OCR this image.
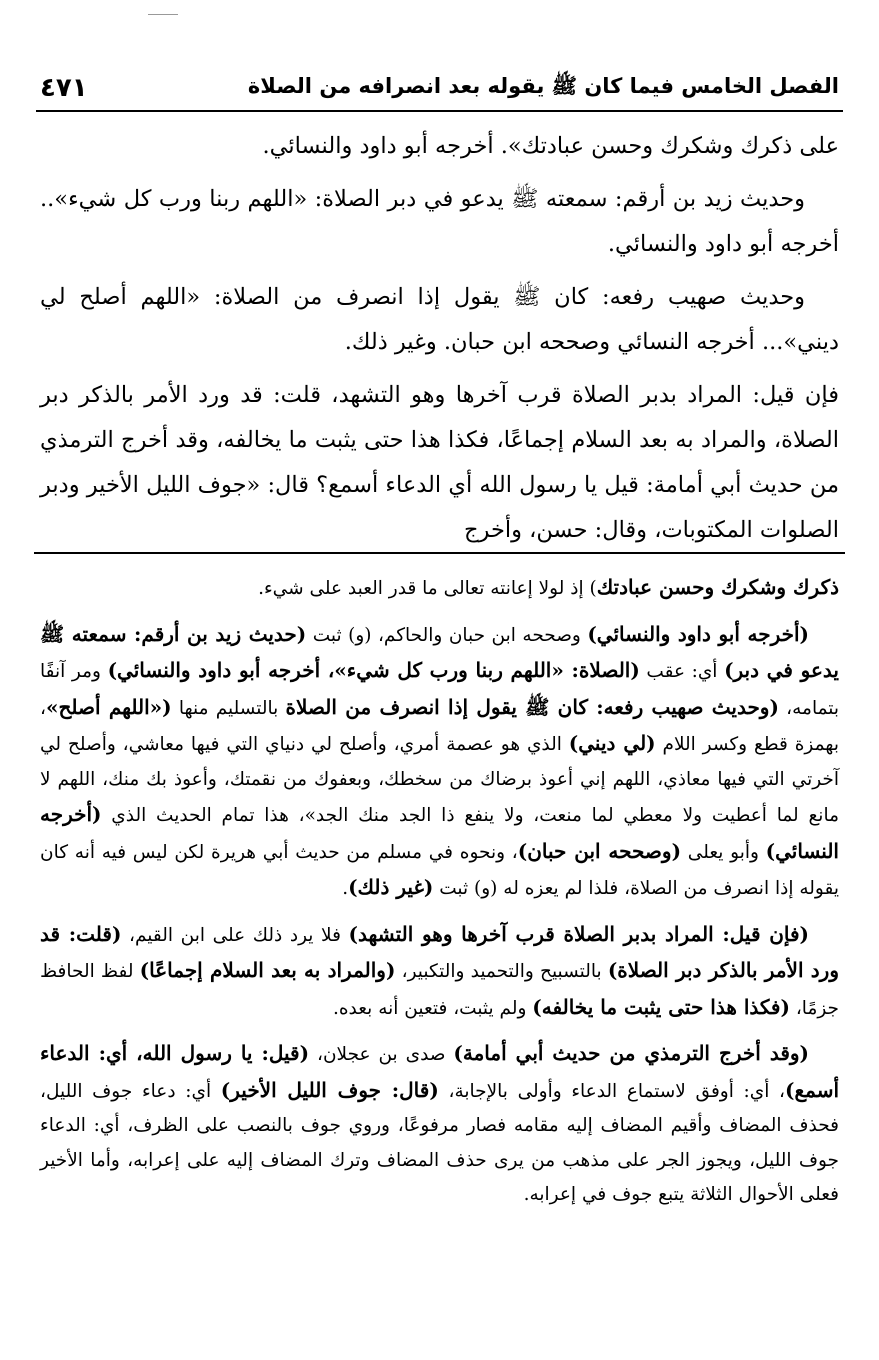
الفصل الخامس فيما كان ﷺ يقوله بعد انصرافه من الصلاة
٤٧١

على ذكرك وشكرك وحسن عبادتك». أخرجه أبو داود والنسائي.

وحديث زيد بن أرقم: سمعته ﷺ يدعو في دبر الصلاة: «اللهم ربنا ورب كل شيء».. أخرجه أبو داود والنسائي.

وحديث صهيب رفعه: كان ﷺ يقول إذا انصرف من الصلاة: «اللهم أصلح لي ديني»... أخرجه النسائي وصححه ابن حبان. وغير ذلك.

فإن قيل: المراد بدبر الصلاة قرب آخرها وهو التشهد، قلت: قد ورد الأمر بالذكر دبر الصلاة، والمراد به بعد السلام إجماعًا، فكذا هذا حتى يثبت ما يخالفه، وقد أخرج الترمذي من حديث أبي أمامة: قيل يا رسول الله أي الدعاء أسمع؟ قال: «جوف الليل الأخير ودبر الصلوات المكتوبات، وقال: حسن، وأخرج

ذكرك وشكرك وحسن عبادتك) إذ لولا إعانته تعالى ما قدر العبد على شيء.

(أخرجه أبو داود والنسائي) وصححه ابن حبان والحاكم، (و) ثبت (حديث زيد بن أرقم: سمعته ﷺ يدعو في دبر) أي: عقب (الصلاة: «اللهم ربنا ورب كل شيء»، أخرجه أبو داود والنسائي) ومر آنفًا بتمامه، (وحديث صهيب رفعه: كان ﷺ يقول إذا انصرف من الصلاة بالتسليم منها («اللهم أصلح»، بهمزة قطع وكسر اللام (لي ديني) الذي هو عصمة أمري، وأصلح لي دنياي التي فيها معاشي، وأصلح لي آخرتي التي فيها معاذي، اللهم إني أعوذ برضاك من سخطك، وبعفوك من نقمتك، وأعوذ بك منك، اللهم لا مانع لما أعطيت ولا معطي لما منعت، ولا ينفع ذا الجد منك الجد»، هذا تمام الحديث الذي (أخرجه النسائي) وأبو يعلى (وصححه ابن حبان)، ونحوه في مسلم من حديث أبي هريرة لكن ليس فيه أنه كان يقوله إذا انصرف من الصلاة، فلذا لم يعزه له (و) ثبت (غير ذلك).

(فإن قيل: المراد بدبر الصلاة قرب آخرها وهو التشهد) فلا يرد ذلك على ابن القيم، (قلت: قد ورد الأمر بالذكر دبر الصلاة) بالتسبيح والتحميد والتكبير، (والمراد به بعد السلام إجماعًا) لفظ الحافظ جزمًا، (فكذا هذا حتى يثبت ما يخالفه) ولم يثبت، فتعين أنه بعده.

(وقد أخرج الترمذي من حديث أبي أمامة) صدى بن عجلان، (قيل: يا رسول الله، أي: الدعاء أسمع)، أي: أوفق لاستماع الدعاء وأولى بالإجابة، (قال: جوف الليل الأخير) أي: دعاء جوف الليل، فحذف المضاف وأقيم المضاف إليه مقامه فصار مرفوعًا، وروي جوف بالنصب على الظرف، أي: الدعاء جوف الليل، ويجوز الجر على مذهب من يرى حذف المضاف وترك المضاف إليه على إعرابه، وأما الأخير فعلى الأحوال الثلاثة يتبع جوف في إعرابه.
